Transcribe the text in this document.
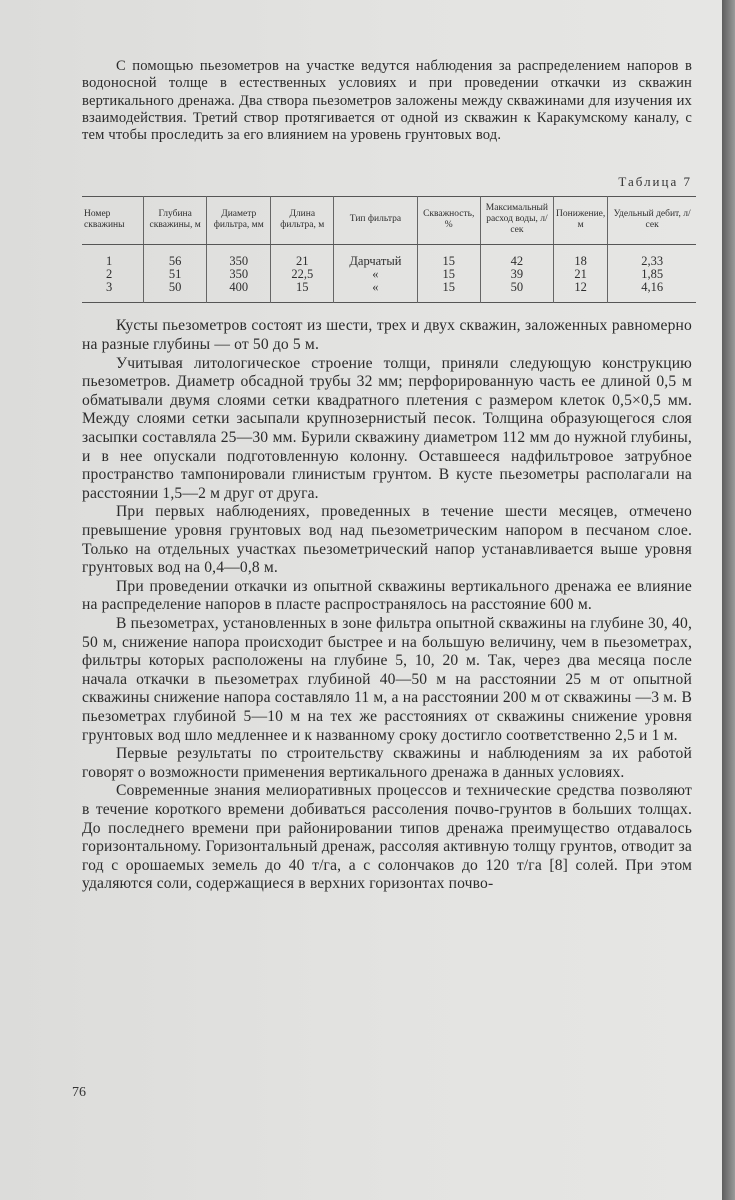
С помощью пьезометров на участке ведутся наблюдения за распределением напоров в водоносной толще в естественных условиях и при проведении откачки из скважин вертикального дренажа. Два створа пьезометров заложены между скважинами для изучения их взаимодействия. Третий створ протягивается от одной из скважин к Каракумскому каналу, с тем чтобы проследить за его влиянием на уровень грунтовых вод.

Таблица 7
Номер скважины	Глубина скважины, м	Диаметр фильтра, мм	Длина фильтра, м	Тип фильтра	Скважность, %	Максимальный расход воды, л/сек	Понижение, м	Удельный дебит, л/сек
1	56	350	21	Дарчатый	15	42	18	2,33
2	51	350	22,5	«	15	39	21	1,85
3	50	400	15	«	15	50	12	4,16

Кусты пьезометров состоят из шести, трех и двух скважин, заложенных равномерно на разные глубины — от 50 до 5 м.

Учитывая литологическое строение толщи, приняли следующую конструкцию пьезометров. Диаметр обсадной трубы 32 мм; перфорированную часть ее длиной 0,5 м обматывали двумя слоями сетки квадратного плетения с размером клеток 0,5×0,5 мм. Между слоями сетки засыпали крупнозернистый песок. Толщина образующегося слоя засыпки составляла 25—30 мм. Бурили скважину диаметром 112 мм до нужной глубины, и в нее опускали подготовленную колонну. Оставшееся надфильтровое затрубное пространство тампонировали глинистым грунтом. В кусте пьезометры располагали на расстоянии 1,5—2 м друг от друга.

При первых наблюдениях, проведенных в течение шести месяцев, отмечено превышение уровня грунтовых вод над пьезометрическим напором в песчаном слое. Только на отдельных участках пьезометрический напор устанавливается выше уровня грунтовых вод на 0,4—0,8 м.

При проведении откачки из опытной скважины вертикального дренажа ее влияние на распределение напоров в пласте распространялось на расстояние 600 м.

В пьезометрах, установленных в зоне фильтра опытной скважины на глубине 30, 40, 50 м, снижение напора происходит быстрее и на большую величину, чем в пьезометрах, фильтры которых расположены на глубине 5, 10, 20 м. Так, через два месяца после начала откачки в пьезометрах глубиной 40—50 м на расстоянии 25 м от опытной скважины снижение напора составляло 11 м, а на расстоянии 200 м от скважины —3 м. В пьезометрах глубиной 5—10 м на тех же расстояниях от скважины снижение уровня грунтовых вод шло медленнее и к названному сроку достигло соответственно 2,5 и 1 м.

Первые результаты по строительству скважины и наблюдениям за их работой говорят о возможности применения вертикального дренажа в данных условиях.

Современные знания мелиоративных процессов и технические средства позволяют в течение короткого времени добиваться рассоления почво-грунтов в больших толщах. До последнего времени при районировании типов дренажа преимущество отдавалось горизонтальному. Горизонтальный дренаж, рассоляя активную толщу грунтов, отводит за год с орошаемых земель до 40 т/га, а с солончаков до 120 т/га [8] солей. При этом удаляются соли, содержащиеся в верхних горизонтах почво-

76
